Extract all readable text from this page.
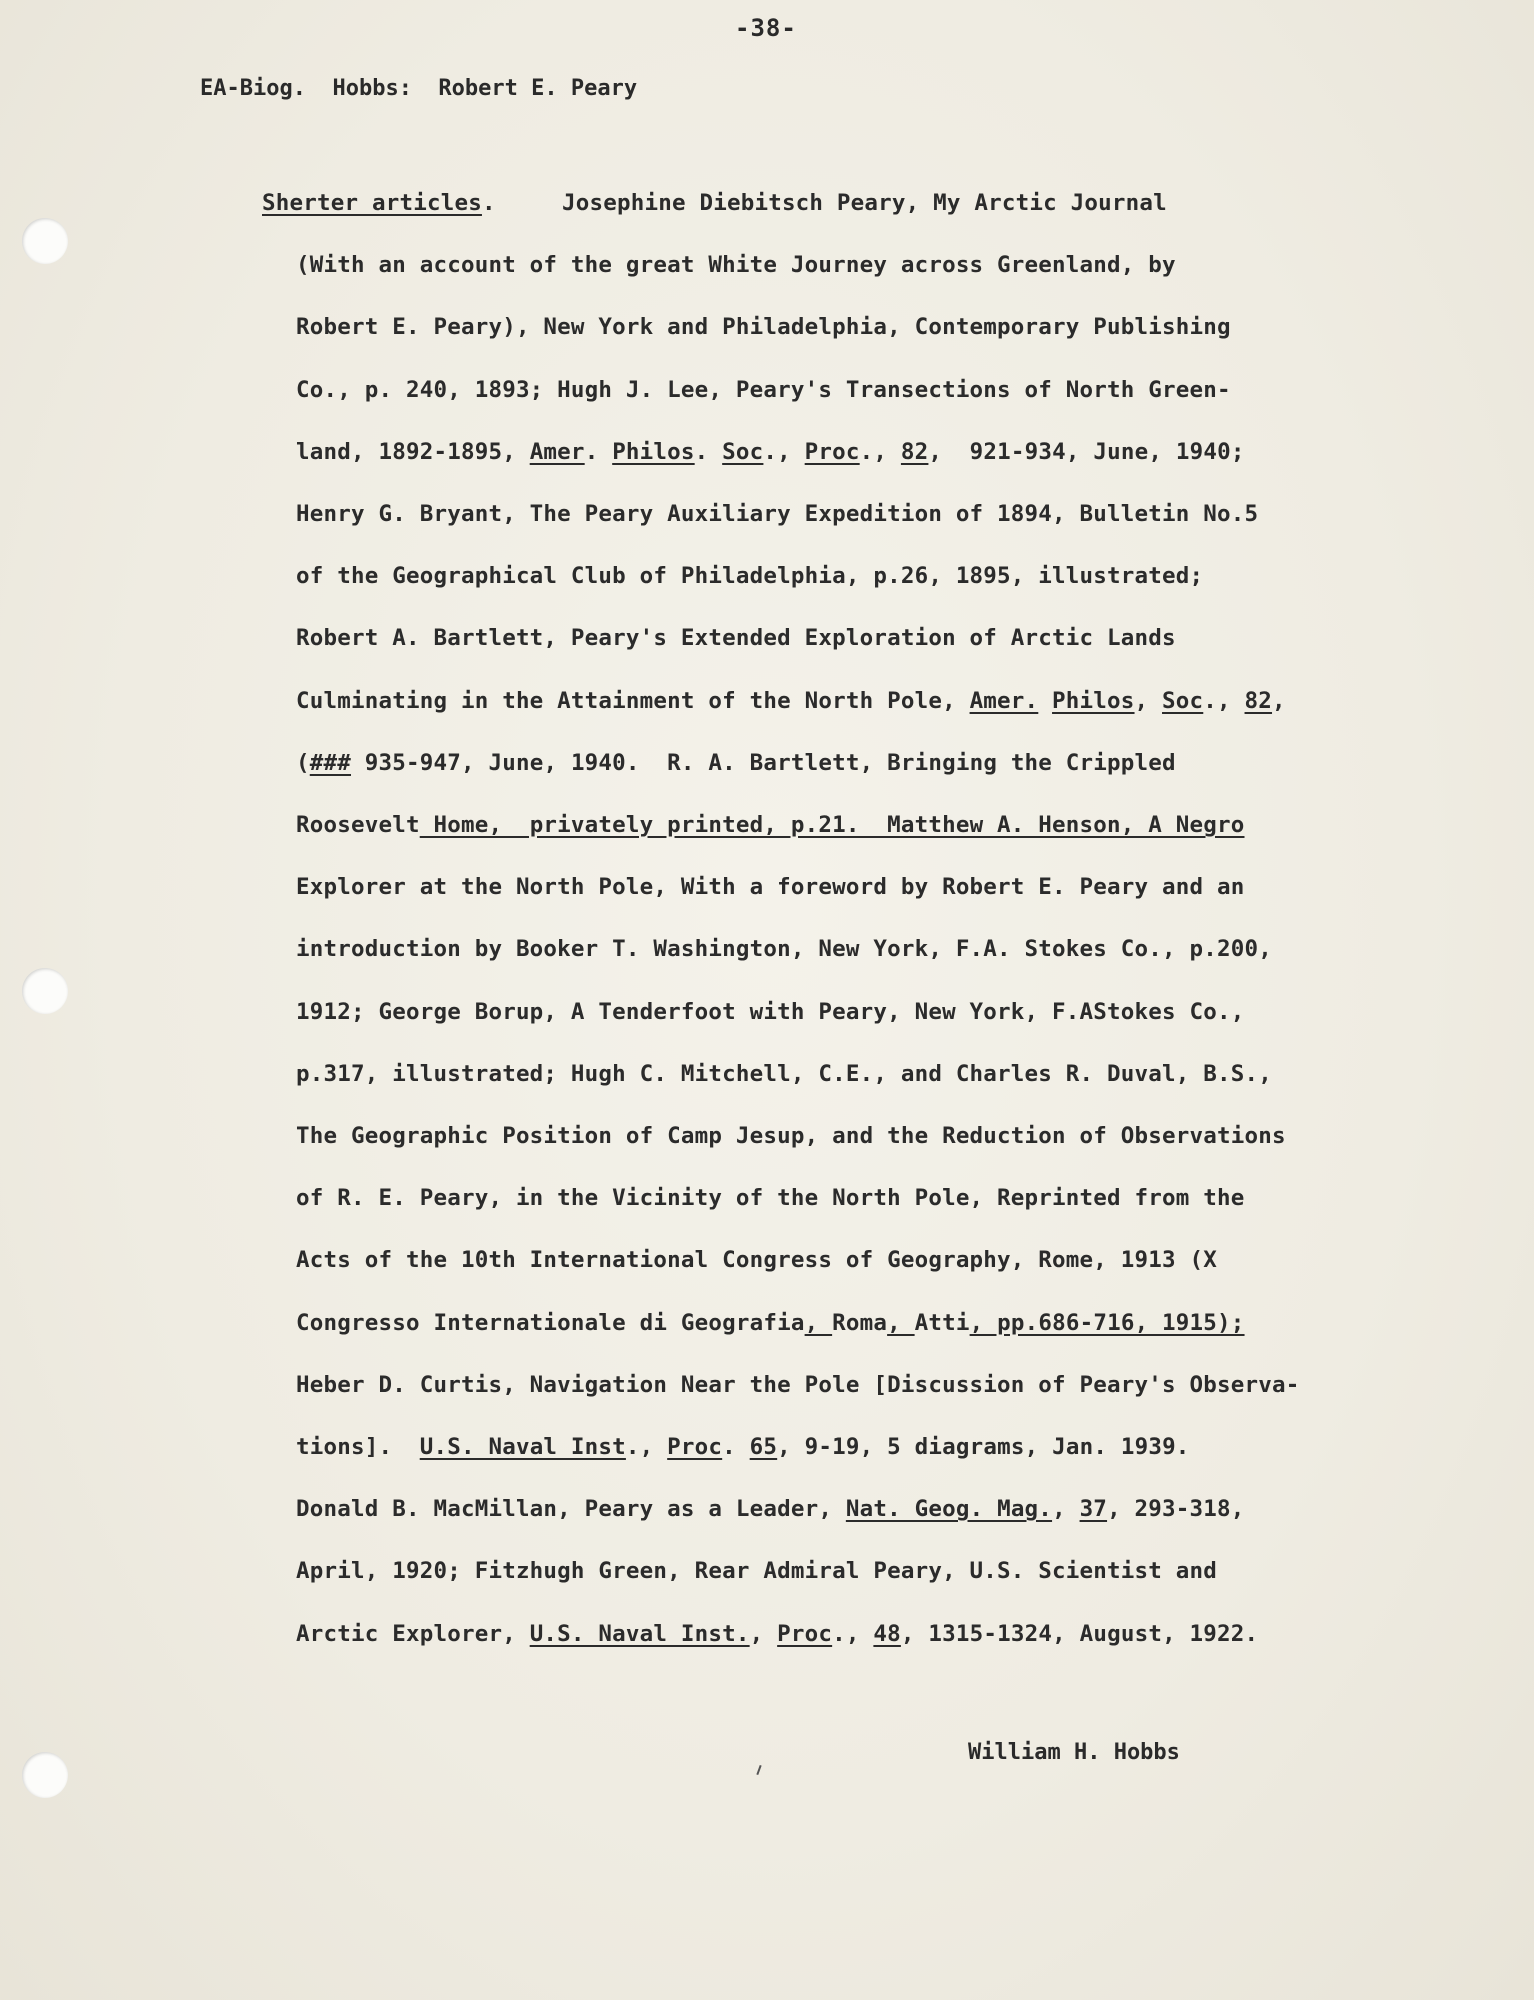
-38-
EA-Biog. Hobbs:  Robert E. Peary
Sherter articles.	Josephine Diebitsch Peary, My Arctic Journal
(With an account of the great White Journey across Greenland, by
Robert E. Peary), New York and Philadelphia, Contemporary Publishing
Co., p. 240, 1893; Hugh J. Lee, Peary's Transections of North Green-
land, 1892-1895, Amer. Philos. Soc., Proc., 82,  921-934, June, 1940;
Henry G. Bryant, The Peary Auxiliary Expedition of 1894, Bulletin No.5
of the Geographical Club of Philadelphia, p.26, 1895, illustrated;
Robert A. Bartlett, Peary's Extended Exploration of Arctic Lands
Culminating in the Attainment of the North Pole, Amer. Philos, Soc., 82,
(### 935-947, June, 1940.  R. A. Bartlett, Bringing the Crippled
Roosevelt Home,  privately printed, p.21.  Matthew A. Henson, A Negro
Explorer at the North Pole, With a foreword by Robert E. Peary and an
introduction by Booker T. Washington, New York, F.A. Stokes Co., p.200,
1912; George Borup, A Tenderfoot with Peary, New York, F.AStokes Co.,
p.317, illustrated; Hugh C. Mitchell, C.E., and Charles R. Duval, B.S.,
The Geographic Position of Camp Jesup, and the Reduction of Observations
of R. E. Peary, in the Vicinity of the North Pole, Reprinted from the
Acts of the 10th International Congress of Geography, Rome, 1913 (X
Congresso Internationale di Geografia, Roma, Atti, pp.686-716, 1915);
Heber D. Curtis, Navigation Near the Pole [Discussion of Peary's Observa-
tions].  U.S. Naval Inst., Proc. 65, 9-19, 5 diagrams, Jan. 1939.
Donald B. MacMillan, Peary as a Leader, Nat. Geog. Mag., 37, 293-318,
April, 1920; Fitzhugh Green, Rear Admiral Peary, U.S. Scientist and
Arctic Explorer, U.S. Naval Inst., Proc., 48, 1315-1324, August, 1922.
William H. Hobbs
